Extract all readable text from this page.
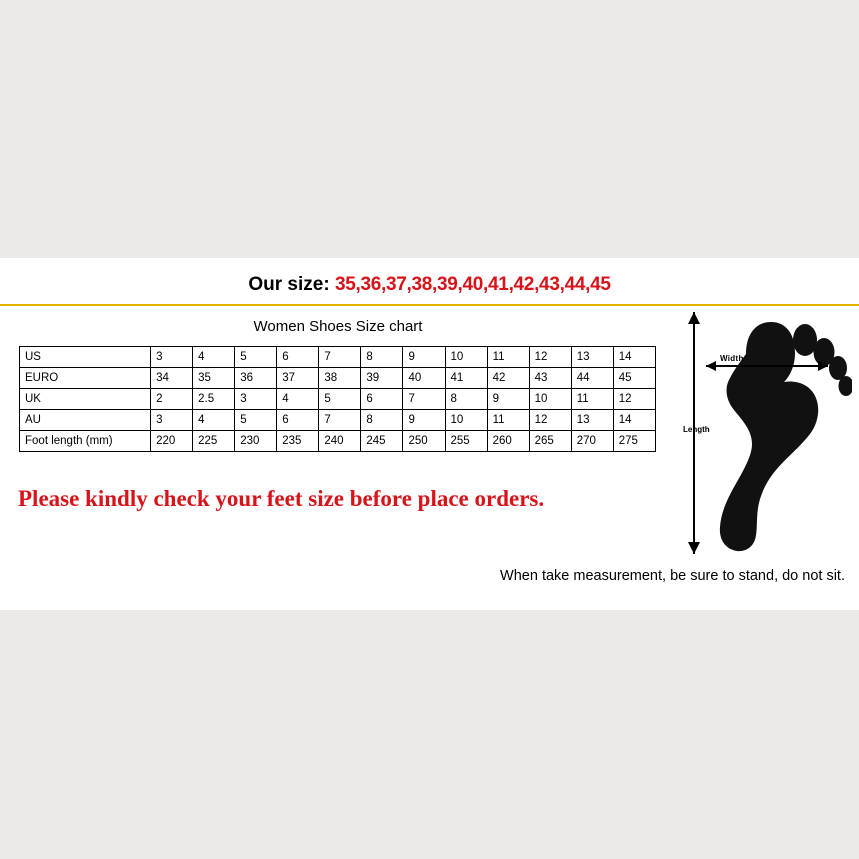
Our size: 35,36,37,38,39,40,41,42,43,44,45
Women Shoes Size chart
US	3	4	5	6	7	8	9	10	11	12	13	14
EURO	34	35	36	37	38	39	40	41	42	43	44	45
UK	2	2.5	3	4	5	6	7	8	9	10	11	12
AU	3	4	5	6	7	8	9	10	11	12	13	14
Foot length (mm)	220	225	230	235	240	245	250	255	260	265	270	275
Please kindly check your feet size before place orders.
When take measurement, be sure to stand, do not sit.
Width
Length
